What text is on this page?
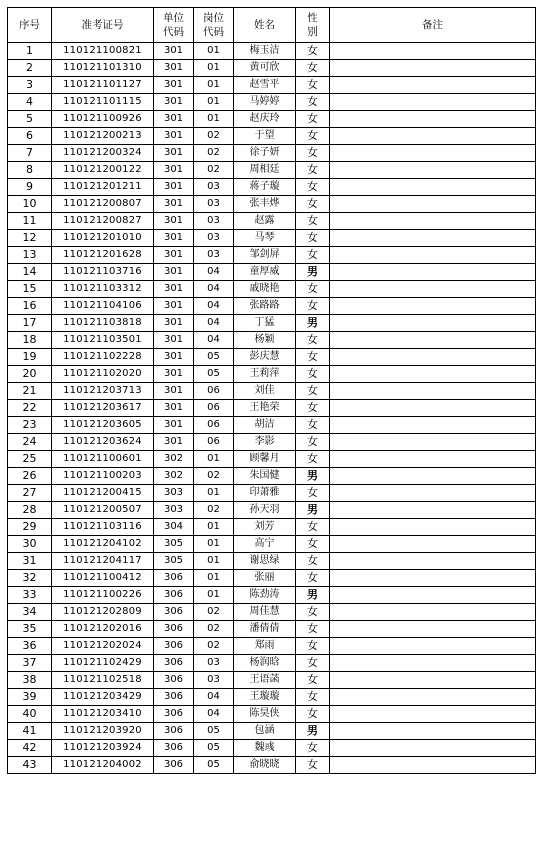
序号	准考证号	单位代码	岗位代码	姓名	性别	备注
1	110121100821	301	01	梅玉洁	女	
2	110121101310	301	01	黄可欣	女	
3	110121101127	301	01	赵雪平	女	
4	110121101115	301	01	马婷婷	女	
5	110121100926	301	01	赵庆玲	女	
6	110121200213	301	02	于望	女	
7	110121200324	301	02	徐子妍	女	
8	110121200122	301	02	周相廷	女	
9	110121201211	301	03	蒋子璇	女	
10	110121200807	301	03	张丰烨	女	
11	110121200827	301	03	赵露	女	
12	110121201010	301	03	马琴	女	
13	110121201628	301	03	邹剑屏	女	
14	110121103716	301	04	童厚威	男	
15	110121103312	301	04	戚晓艳	女	
16	110121104106	301	04	张路路	女	
17	110121103818	301	04	丁猛	男	
18	110121103501	301	04	杨颖	女	
19	110121102228	301	05	彭庆慧	女	
20	110121102020	301	05	王莉萍	女	
21	110121203713	301	06	刘佳	女	
22	110121203617	301	06	王艳荣	女	
23	110121203605	301	06	胡洁	女	
24	110121203624	301	06	李影	女	
25	110121100601	302	01	顾馨月	女	
26	110121100203	302	02	朱国健	男	
27	110121200415	303	01	印萧雅	女	
28	110121200507	303	02	孙天羽	男	
29	110121103116	304	01	刘芳	女	
30	110121204102	305	01	高宁	女	
31	110121204117	305	01	谢思绿	女	
32	110121100412	306	01	张丽	女	
33	110121100226	306	01	陈劲涛	男	
34	110121202809	306	02	周佳慧	女	
35	110121202016	306	02	潘倩倩	女	
36	110121202024	306	02	郑雨	女	
37	110121102429	306	03	杨润晗	女	
38	110121102518	306	03	王语菡	女	
39	110121203429	306	04	王璇璇	女	
40	110121203410	306	04	陈昊侠	女	
41	110121203920	306	05	包涵	男	
42	110121203924	306	05	魏彧	女	
43	110121204002	306	05	俞晓晓	女	
